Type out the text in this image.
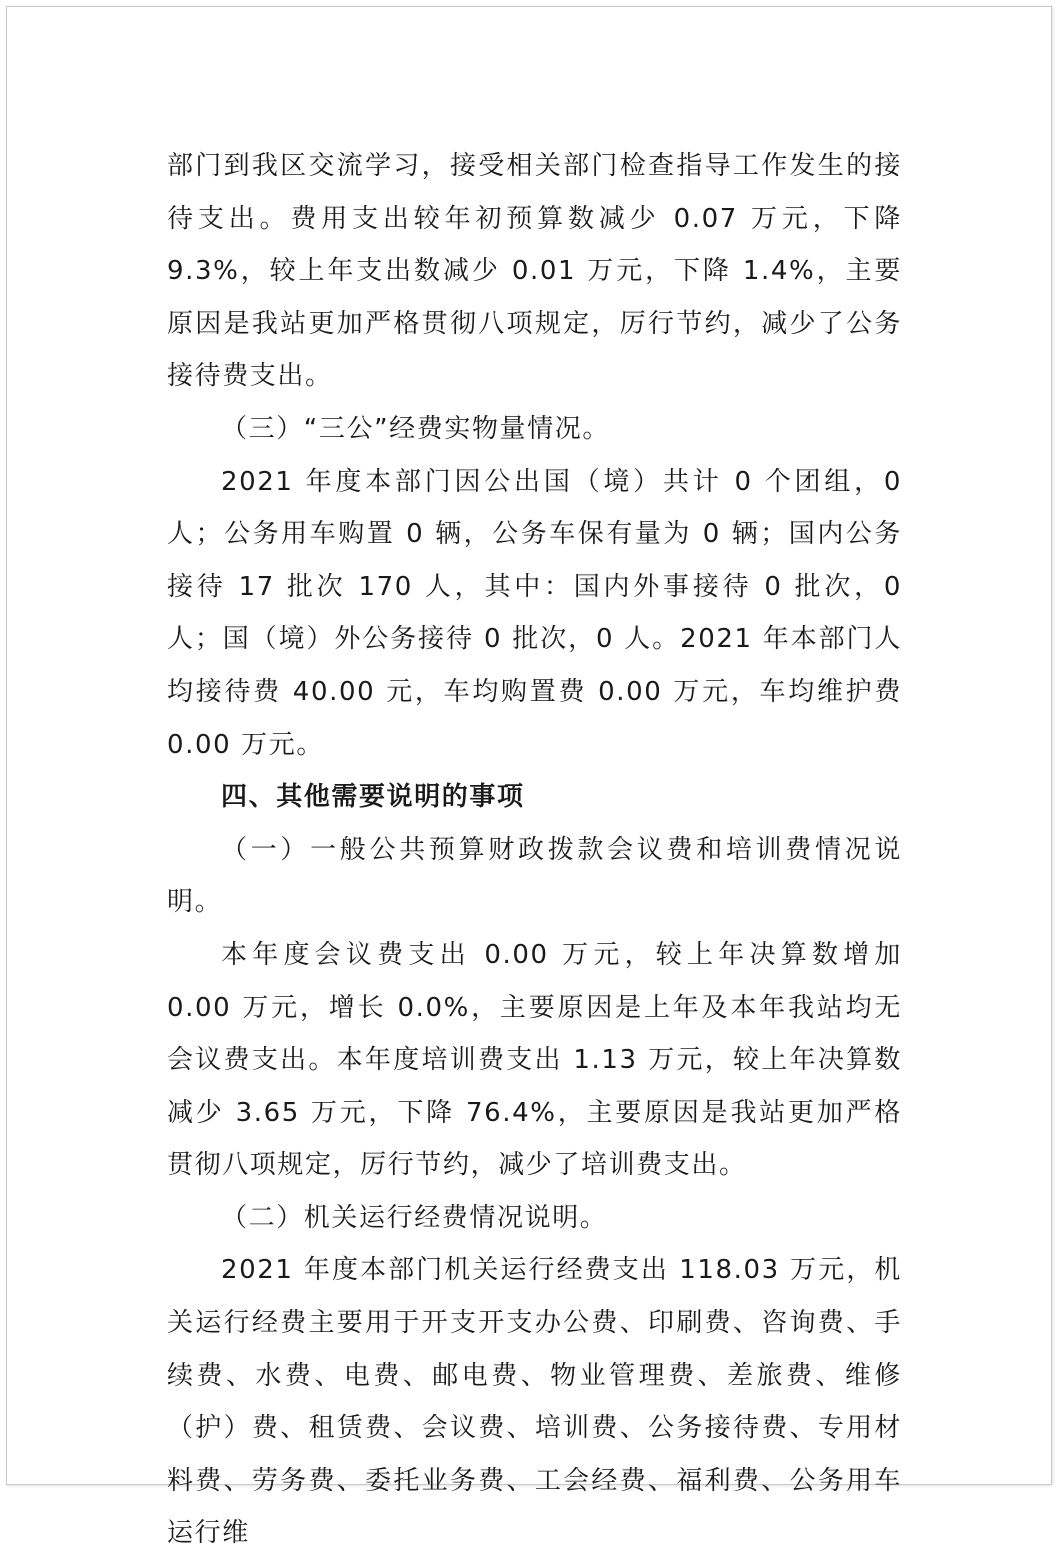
部门到我区交流学习，接受相关部门检查指导工作发生的接待支出。费用支出较年初预算数减少 0.07 万元，下降 9.3%，较上年支出数减少 0.01 万元，下降 1.4%，主要原因是我站更加严格贯彻八项规定，厉行节约，减少了公务接待费支出。

（三）“三公”经费实物量情况。

2021 年度本部门因公出国（境）共计 0 个团组，0 人；公务用车购置 0 辆，公务车保有量为 0 辆；国内公务接待 17 批次 170 人，其中：国内外事接待 0 批次，0 人；国（境）外公务接待 0 批次，0 人。2021 年本部门人均接待费 40.00 元，车均购置费 0.00 万元，车均维护费 0.00 万元。

四、其他需要说明的事项

（一）一般公共预算财政拨款会议费和培训费情况说明。

本年度会议费支出 0.00 万元，较上年决算数增加 0.00 万元，增长 0.0%，主要原因是上年及本年我站均无会议费支出。本年度培训费支出 1.13 万元，较上年决算数减少 3.65 万元，下降 76.4%，主要原因是我站更加严格贯彻八项规定，厉行节约，减少了培训费支出。

（二）机关运行经费情况说明。

2021 年度本部门机关运行经费支出 118.03 万元，机关运行经费主要用于开支开支办公费、印刷费、咨询费、手续费、水费、电费、邮电费、物业管理费、差旅费、维修（护）费、租赁费、会议费、培训费、公务接待费、专用材料费、劳务费、委托业务费、工会经费、福利费、公务用车运行维
